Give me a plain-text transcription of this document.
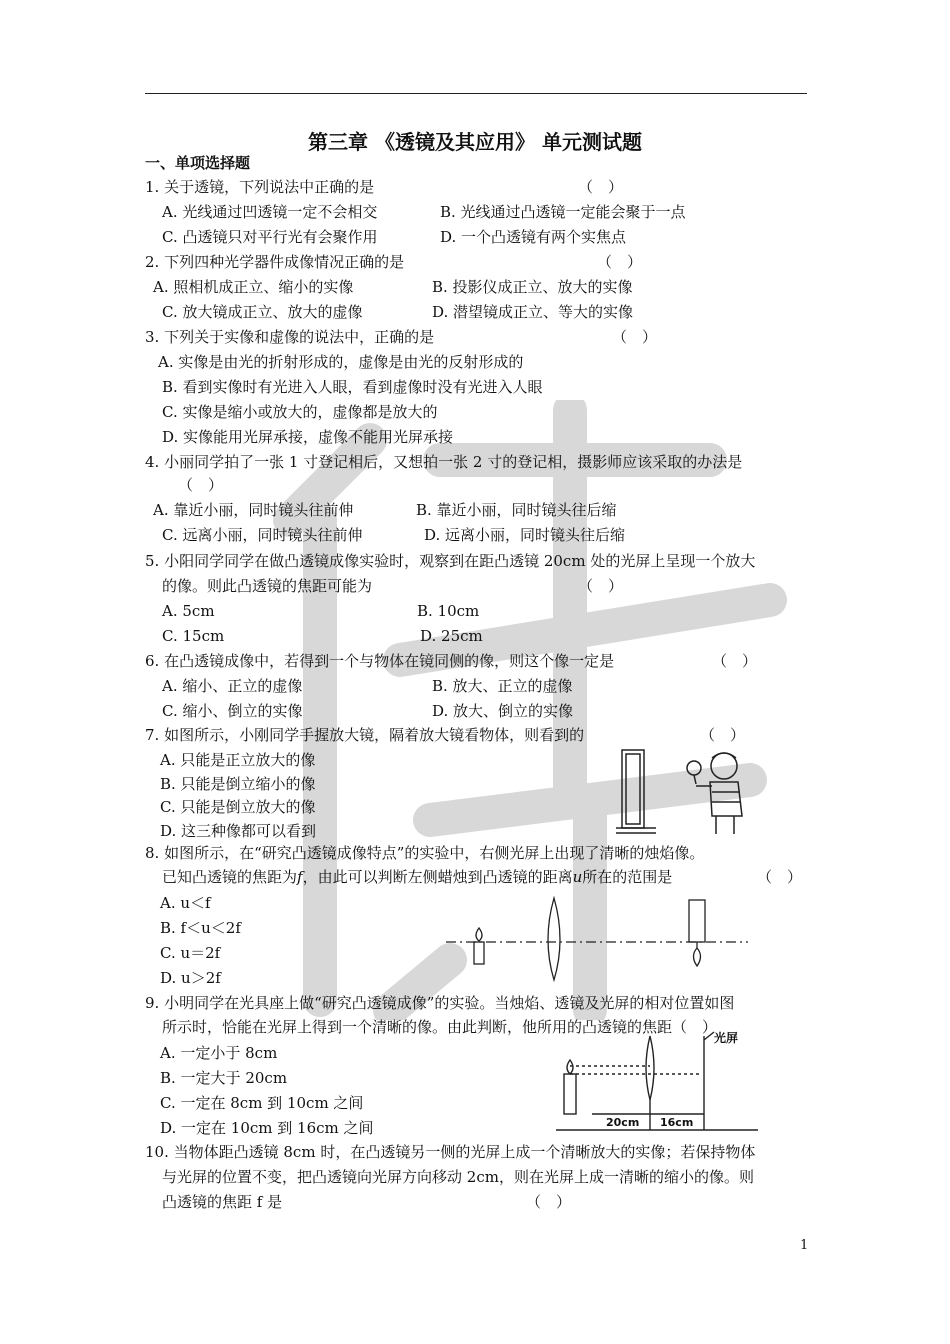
第三章 《透镜及其应用》 单元测试题
一、单项选择题
1. 关于透镜，下列说法中正确的是	（　）
A. 光线通过凹透镜一定不会相交	B. 光线通过凸透镜一定能会聚于一点
C. 凸透镜只对平行光有会聚作用	D. 一个凸透镜有两个实焦点
2. 下列四种光学器件成像情况正确的是	（　）
A. 照相机成正立、缩小的实像	B. 投影仪成正立、放大的实像
C. 放大镜成正立、放大的虚像	D. 潜望镜成正立、等大的实像
3. 下列关于实像和虚像的说法中，正确的是	（　）
A. 实像是由光的折射形成的，虚像是由光的反射形成的
B. 看到实像时有光进入人眼，看到虚像时没有光进入人眼
C. 实像是缩小或放大的，虚像都是放大的
D. 实像能用光屏承接，虚像不能用光屏承接
4. 小丽同学拍了一张 1 寸登记相后，又想拍一张 2 寸的登记相，摄影师应该采取的办法是
（　）
A. 靠近小丽，同时镜头往前伸	B. 靠近小丽，同时镜头往后缩
C. 远离小丽，同时镜头往前伸	D. 远离小丽，同时镜头往后缩
5. 小阳同学同学在做凸透镜成像实验时，观察到在距凸透镜 20cm 处的光屏上呈现一个放大
的像。则此凸透镜的焦距可能为	（　）
A. 5cm	B. 10cm
C. 15cm	D. 25cm
6. 在凸透镜成像中，若得到一个与物体在镜同侧的像，则这个像一定是	（　）
A. 缩小、正立的虚像	B. 放大、正立的虚像
C. 缩小、倒立的实像	D. 放大、倒立的实像
7. 如图所示，小刚同学手握放大镜，隔着放大镜看物体，则看到的	（　）
A. 只能是正立放大的像
B. 只能是倒立缩小的像
C. 只能是倒立放大的像
D. 这三种像都可以看到
8. 如图所示，在“研究凸透镜成像特点”的实验中，右侧光屏上出现了清晰的烛焰像。
已知凸透镜的焦距为f，由此可以判断左侧蜡烛到凸透镜的距离u所在的范围是	（　）
A. u＜f
B. f＜u＜2f
C. u＝2f
D. u＞2f
9. 小明同学在光具座上做“研究凸透镜成像”的实验。当烛焰、透镜及光屏的相对位置如图
所示时，恰能在光屏上得到一个清晰的像。由此判断，他所用的凸透镜的焦距（　）
A. 一定小于 8cm
B. 一定大于 20cm
C. 一定在 8cm 到 10cm 之间
D. 一定在 10cm 到 16cm 之间
光屏
20cm 16cm
10. 当物体距凸透镜 8cm 时，在凸透镜另一侧的光屏上成一个清晰放大的实像；若保持物体
与光屏的位置不变，把凸透镜向光屏方向移动 2cm，则在光屏上成一清晰的缩小的像。则
凸透镜的焦距 f 是	（　）
1
